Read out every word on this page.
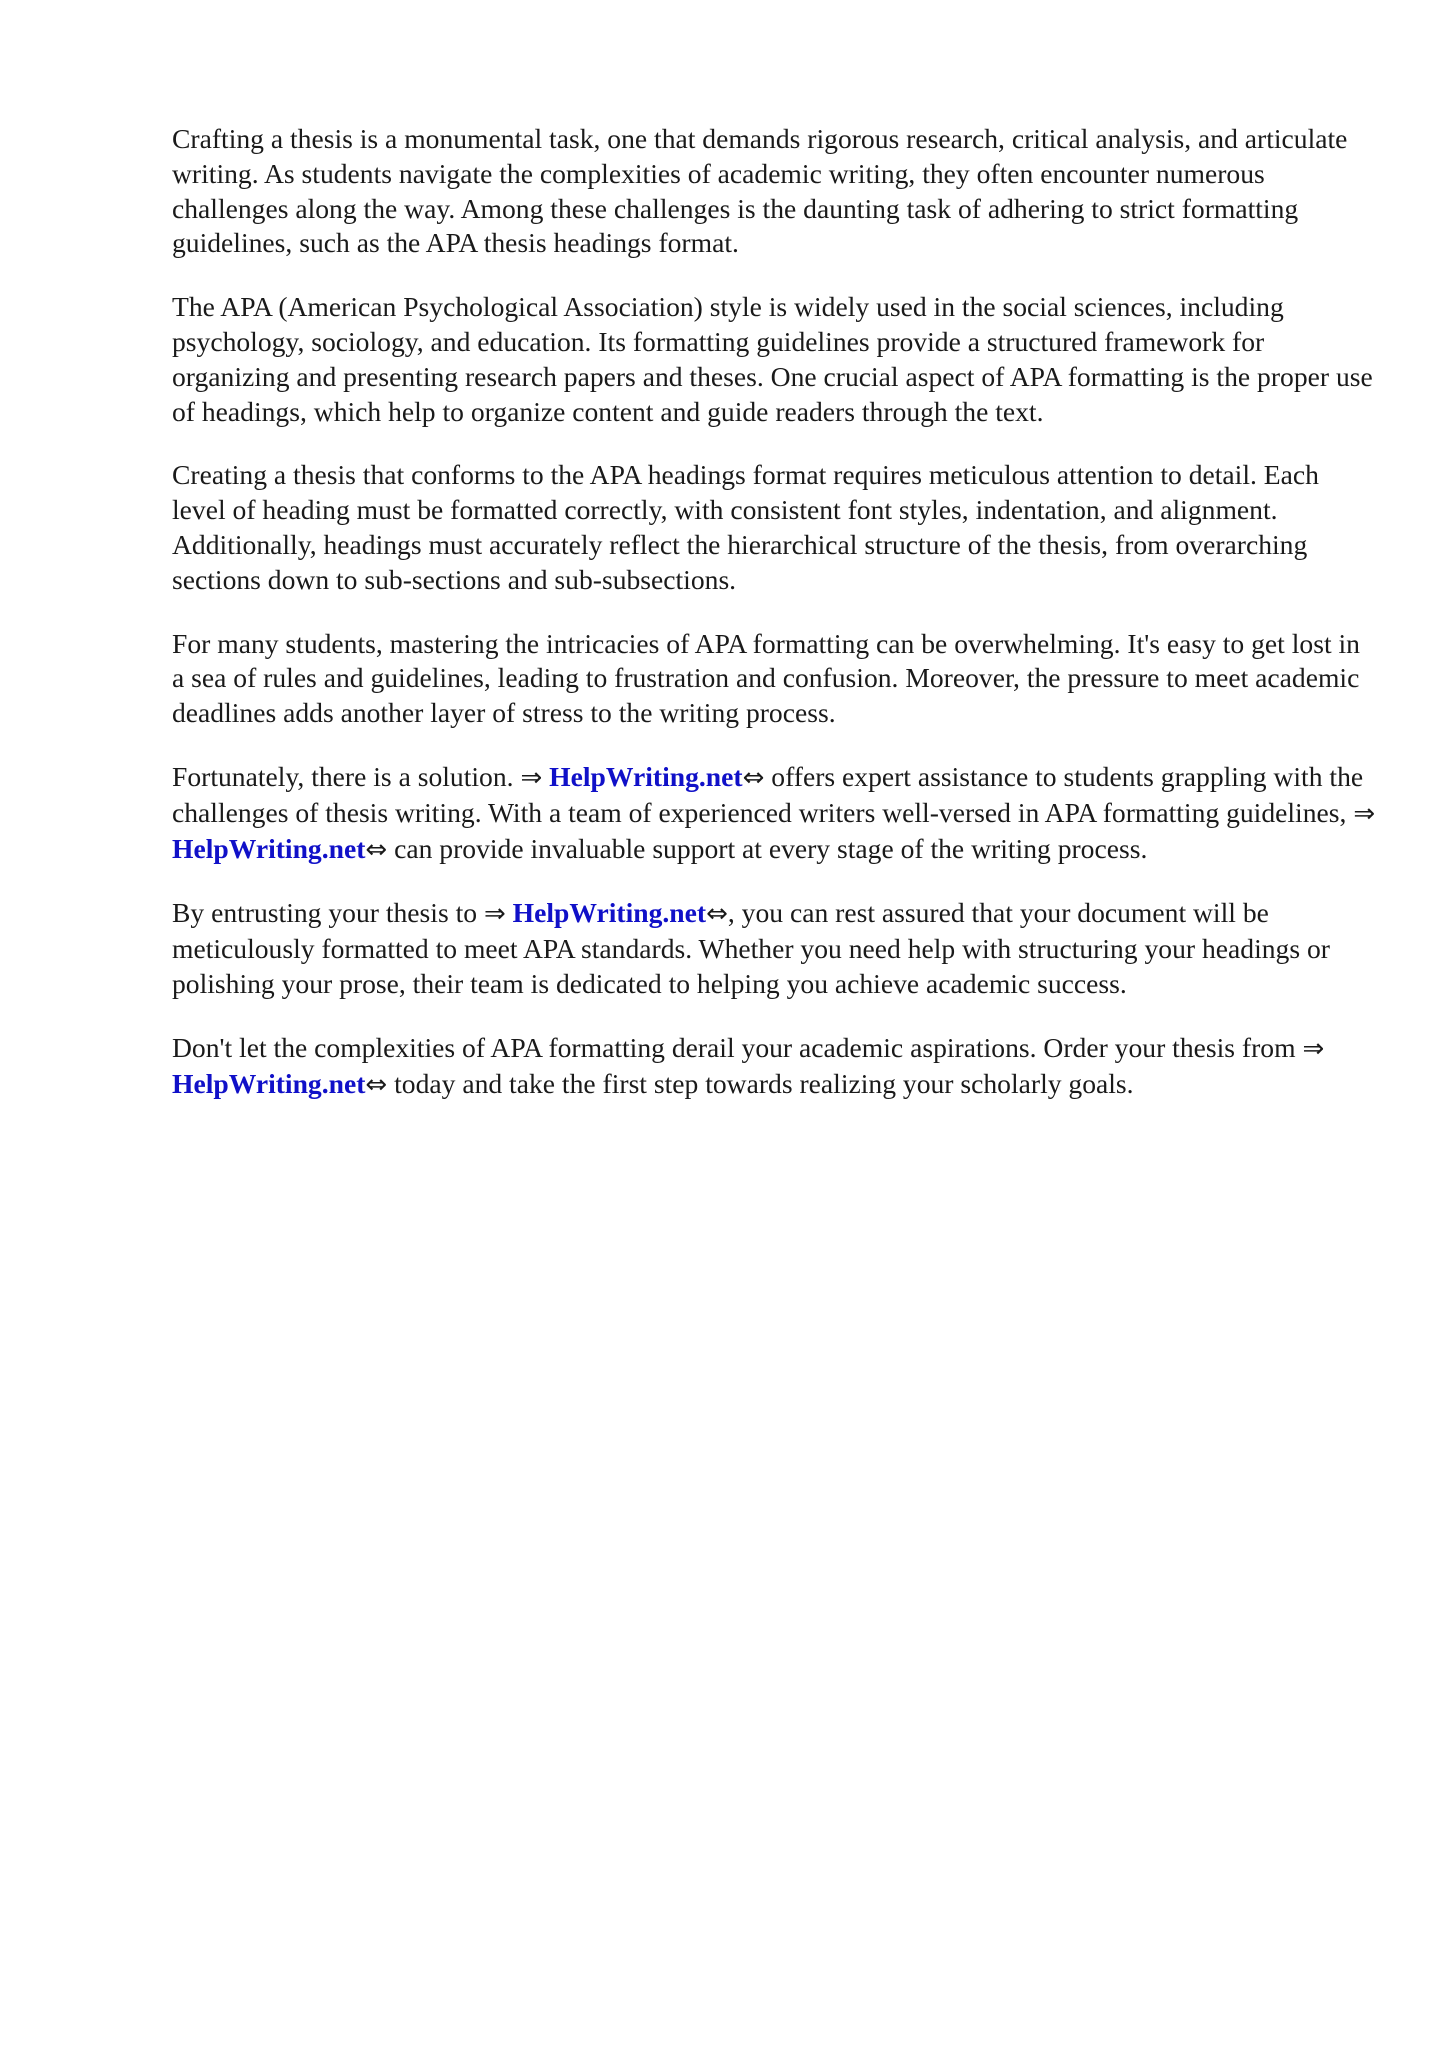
Crafting a thesis is a monumental task, one that demands rigorous research, critical analysis, and articulate writing. As students navigate the complexities of academic writing, they often encounter numerous challenges along the way. Among these challenges is the daunting task of adhering to strict formatting guidelines, such as the APA thesis headings format.

The APA (American Psychological Association) style is widely used in the social sciences, including psychology, sociology, and education. Its formatting guidelines provide a structured framework for organizing and presenting research papers and theses. One crucial aspect of APA formatting is the proper use of headings, which help to organize content and guide readers through the text.

Creating a thesis that conforms to the APA headings format requires meticulous attention to detail. Each level of heading must be formatted correctly, with consistent font styles, indentation, and alignment. Additionally, headings must accurately reflect the hierarchical structure of the thesis, from overarching sections down to sub-sections and sub-subsections.

For many students, mastering the intricacies of APA formatting can be overwhelming. It's easy to get lost in a sea of rules and guidelines, leading to frustration and confusion. Moreover, the pressure to meet academic deadlines adds another layer of stress to the writing process.

Fortunately, there is a solution. ⇒ HelpWriting.net⇔ offers expert assistance to students grappling with the challenges of thesis writing. With a team of experienced writers well-versed in APA formatting guidelines, ⇒ HelpWriting.net⇔ can provide invaluable support at every stage of the writing process.

By entrusting your thesis to ⇒ HelpWriting.net⇔, you can rest assured that your document will be meticulously formatted to meet APA standards. Whether you need help with structuring your headings or polishing your prose, their team is dedicated to helping you achieve academic success.

Don't let the complexities of APA formatting derail your academic aspirations. Order your thesis from ⇒ HelpWriting.net⇔ today and take the first step towards realizing your scholarly goals.
